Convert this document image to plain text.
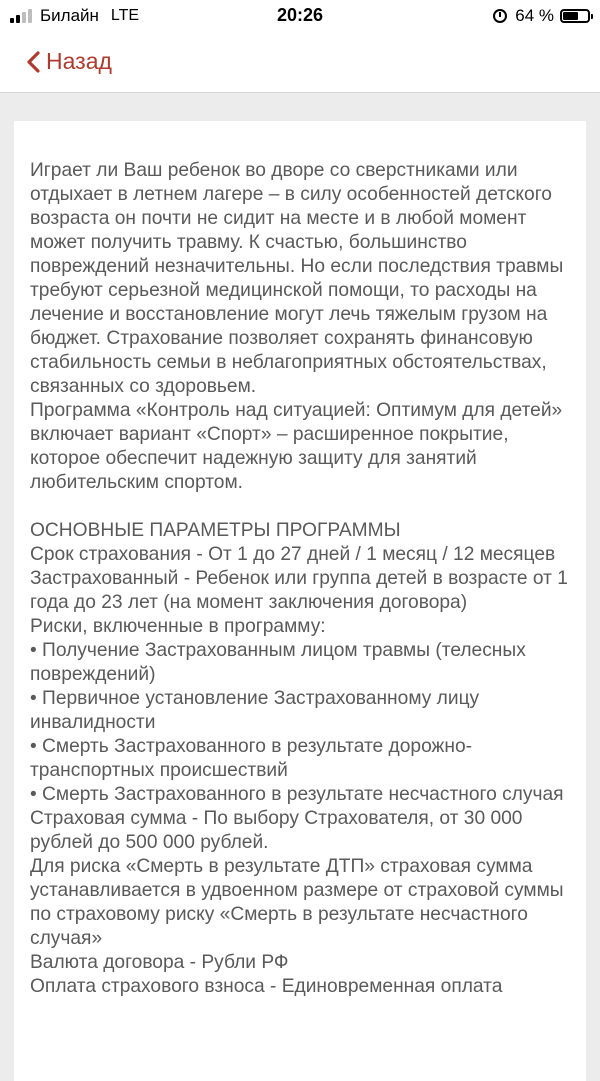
Билайн LTE	20:26	64 %
Назад

Играет ли Ваш ребенок во дворе со сверстниками или отдыхает в летнем лагере – в силу особенностей детского возраста он почти не сидит на месте и в любой момент может получить травму. К счастью, большинство повреждений незначительны. Но если последствия травмы требуют серьезной медицинской помощи, то расходы на лечение и восстановление могут лечь тяжелым грузом на бюджет. Страхование позволяет сохранять финансовую стабильность семьи в неблагоприятных обстоятельствах, связанных со здоровьем.

Программа «Контроль над ситуацией: Оптимум для детей» включает вариант «Спорт» – расширенное покрытие, которое обеспечит надежную защиту для занятий любительским спортом.

ОСНОВНЫЕ ПАРАМЕТРЫ ПРОГРАММЫ

Срок страхования - От 1 до 27 дней / 1 месяц / 12 месяцев

Застрахованный - Ребенок или группа детей в возрасте от 1 года до 23 лет (на момент заключения договора)

Риски, включенные в программу:

• Получение Застрахованным лицом травмы (телесных повреждений)

• Первичное установление Застрахованному лицу инвалидности

• Смерть Застрахованного в результате дорожно-транспортных происшествий

• Смерть Застрахованного в результате несчастного случая

Страховая сумма - По выбору Страхователя, от 30 000 рублей до 500 000 рублей.

Для риска «Смерть в результате ДТП» страховая сумма устанавливается в удвоенном размере от страховой суммы по страховому риску «Смерть в результате несчастного случая»

Валюта договора - Рубли РФ

Оплата страхового взноса - Единовременная оплата
